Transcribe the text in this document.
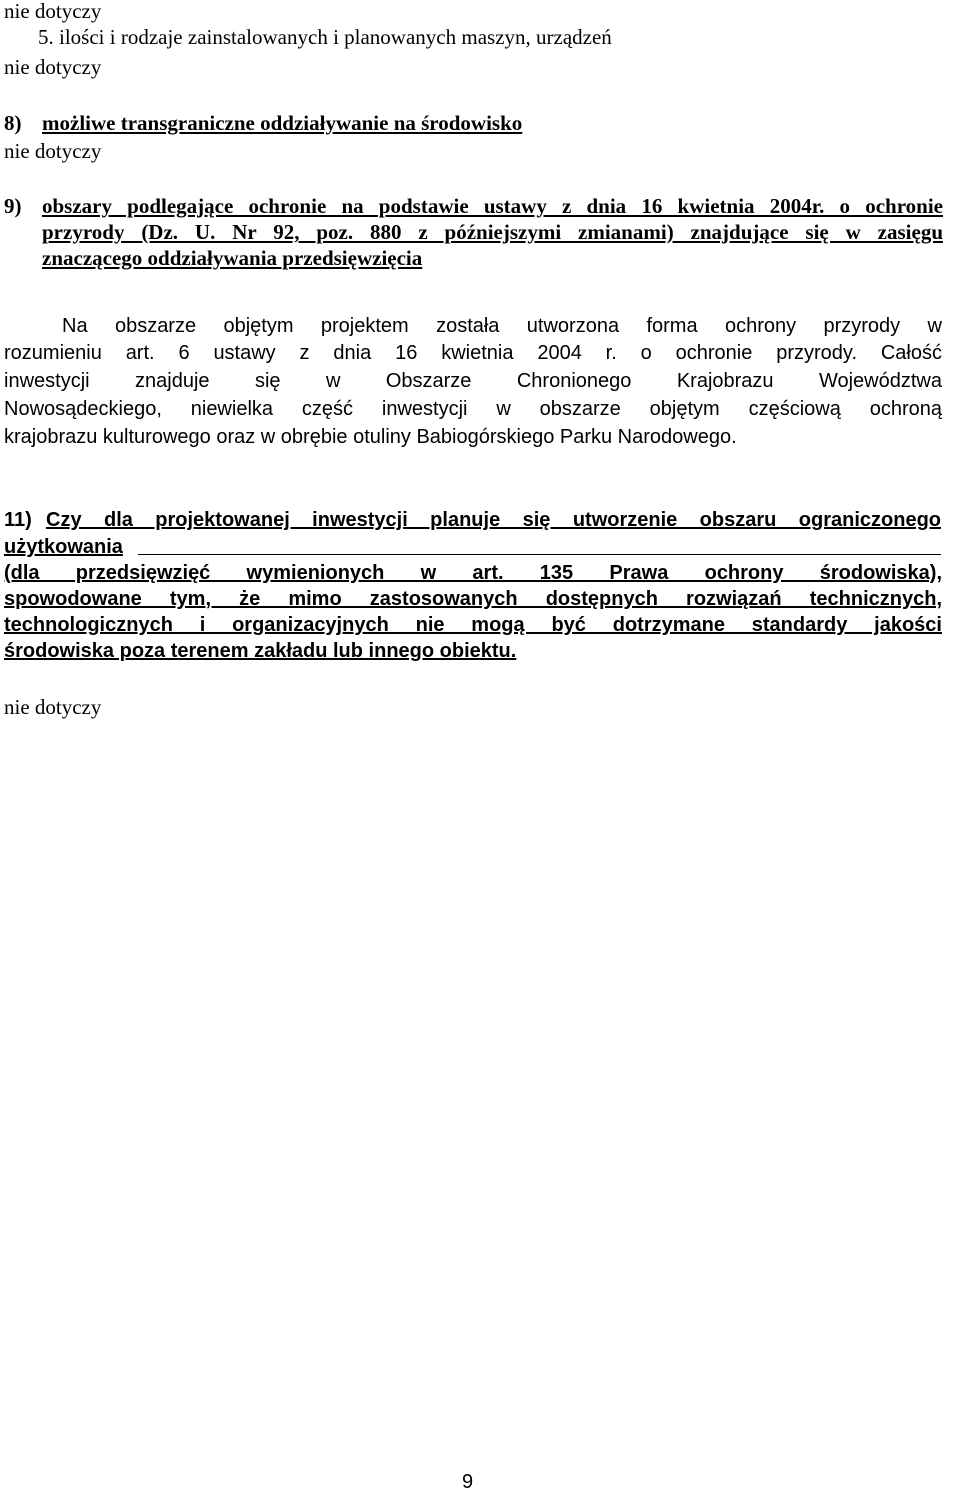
nie dotyczy
5. ilości i rodzaje zainstalowanych i planowanych maszyn, urządzeń
nie dotyczy
8) możliwe transgraniczne oddziaływanie na środowisko
nie dotyczy
9) obszary podlegające ochronie na podstawie ustawy z dnia 16 kwietnia 2004r. o ochronie
przyrody (Dz. U. Nr 92, poz. 880 z późniejszymi zmianami) znajdujące się w zasięgu
znaczącego oddziaływania przedsięwzięcia
Na obszarze objętym projektem została utworzona forma ochrony przyrody w
rozumieniu art. 6 ustawy z dnia 16 kwietnia 2004 r. o ochronie przyrody. Całość
inwestycji znajduje się w Obszarze Chronionego Krajobrazu Województwa
Nowosądeckiego, niewielka część inwestycji w obszarze objętym częściową ochroną
krajobrazu kulturowego oraz w obrębie otuliny Babiogórskiego Parku Narodowego.
11) Czy dla projektowanej inwestycji planuje się utworzenie obszaru ograniczonego
użytkowania
(dla przedsięwzięć wymienionych w art. 135 Prawa ochrony środowiska),
spowodowane tym, że mimo zastosowanych dostępnych rozwiązań technicznych,
technologicznych i organizacyjnych nie mogą być dotrzymane standardy jakości
środowiska poza terenem zakładu lub innego obiektu.
nie dotyczy
9
